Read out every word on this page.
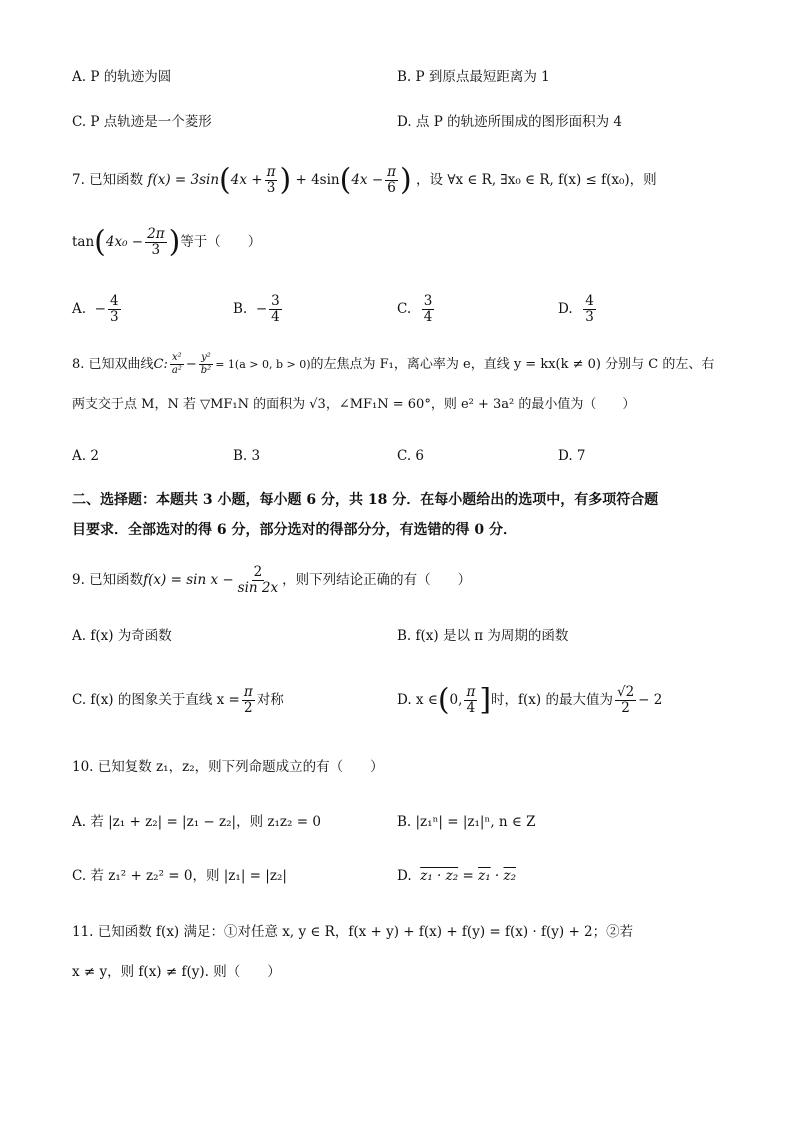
A. P 的轨迹为圆	B. P 到原点最短距离为 1
C. P 点轨迹是一个菱形	D. 点 P 的轨迹所围成的图形面积为 4
7. 已知函数 $f(x) = 3\sin(4x + \frac{\pi}{3}$ ) + $4\sin(4x - \frac{\pi}{6}$ ) ，设 ∀x ∈ R, ∃x₀ ∈ R, f(x) ≤ f(x₀)，则
$\tan(4x_0 - \frac{2\pi}{3}$ )等于（　　）
A. − $\frac{4}{3}$	B. − $\frac{3}{4}$	C. $\frac{3}{4}$	D. $\frac{4}{3}$
8. 已知双曲线C: $\frac{\text{x²}}{\text{a²}} - \frac{\text{y²}}{\text{b²}} = 1(a > 0$, b > 0)的左焦点为 F₁，离心率为 e，直线 y = kx(k ≠ 0) 分别与 C 的左、右
两支交于点 M，N 若 ▽MF₁N 的面积为 √3，∠MF₁N = 60°，则 e² + 3a² 的最小值为（　　）
A. 2	B. 3	C. 6	D. 7
二、选择题：本题共 3 小题，每小题 6 分，共 18 分．在每小题给出的选项中，有多项符合题
目要求．全部选对的得 6 分，部分选对的得部分分，有选错的得 0 分．
9. 已知函数$f(x) = \sin x - \frac{2}{\sin 2x}$ ，则下列结论正确的有（　　）
A. f(x) 为奇函数	B. f(x) 是以 π 为周期的函数
C. f(x) 的图象关于直线 $x = \frac{\pi}{2}$ 对称	D. x ∈(0, $\frac{\pi}{4}$ ]时，f(x) 的最大值为 $\frac{√2}{2} - 2$
10. 已知复数 z₁，z₂，则下列命题成立的有（　　）
A. 若 |z₁ + z₂| = |z₁ − z₂|，则 z₁z₂ = 0	B. |z₁ⁿ| = |z₁|ⁿ, n ∈ Z
C. 若 z₁² + z₂² = 0，则 |z₁| = |z₂|	D. z₁ · z₂ = z₁ · z₂
11. 已知函数 f(x) 满足：①对任意 x, y ∈ R，f(x + y) + f(x) + f(y) = f(x) · f(y) + 2；②若
x ≠ y，则 f(x) ≠ f(y). 则（　　）
